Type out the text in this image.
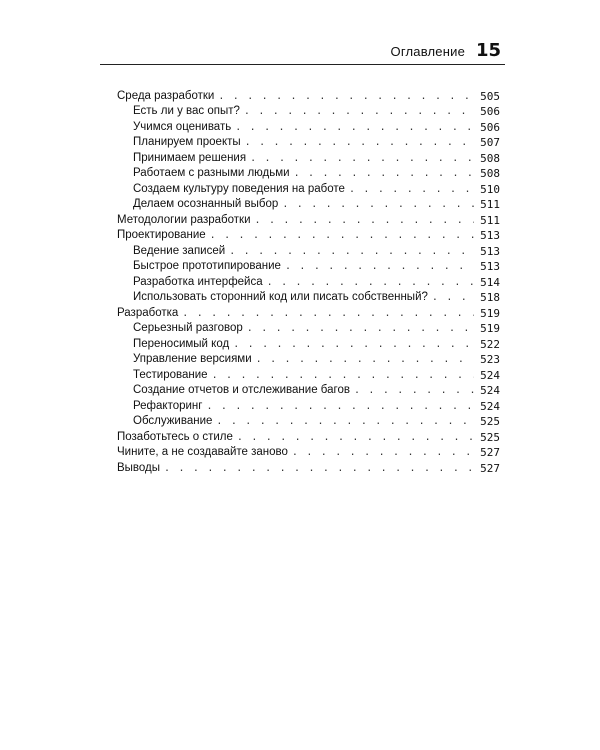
Оглавление 15
Среда разработки . . .	505
Есть ли у вас опыт? . . .	506
Учимся оценивать . . .	506
Планируем проекты . . .	507
Принимаем решения . . .	508
Работаем с разными людьми . . .	508
Создаем культуру поведения на работе . . .	510
Делаем осознанный выбор . . .	511
Методологии разработки . . .	511
Проектирование . . .	513
Ведение записей . . .	513
Быстрое прототипирование . . .	513
Разработка интерфейса . . .	514
Использовать сторонний код или писать собственный? . . .	518
Разработка . . .	519
Серьезный разговор . . .	519
Переносимый код . . .	522
Управление версиями . . .	523
Тестирование . . .	524
Создание отчетов и отслеживание багов . . .	524
Рефакторинг . . .	524
Обслуживание . . .	525
Позаботьтесь о стиле . . .	525
Чините, а не создавайте заново . . .	527
Выводы . . .	527
